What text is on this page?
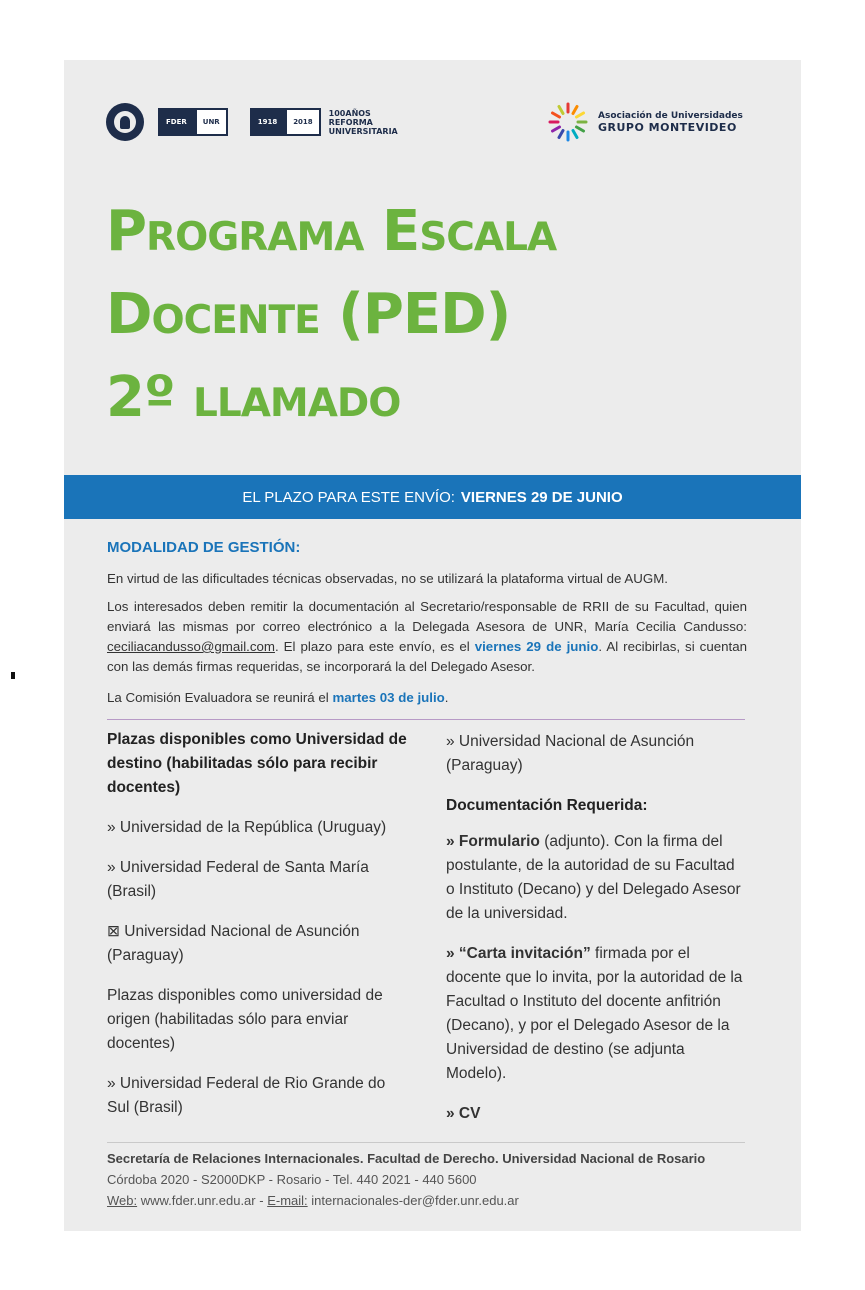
FDER	UNR	1918	2018
100AÑOS
REFORMA
UNIVERSITARIA
Asociación de Universidades
GRUPO MONTEVIDEO
Programa Escala
Docente (PED)
2º llamado
EL PLAZO PARA ESTE ENVÍO: VIERNES 29 DE JUNIO
MODALIDAD DE GESTIÓN:
En virtud de las dificultades técnicas observadas, no se utilizará la plataforma virtual de AUGM.
Los interesados deben remitir la documentación al Secretario/responsable de RRII de su Facultad, quien enviará las mismas por correo electrónico a la Delegada Asesora de UNR, María Cecilia Candusso: ceciliacandusso@gmail.com. El plazo para este envío, es el viernes 29 de junio. Al recibirlas, si cuentan con las demás firmas requeridas, se incorporará la del Delegado Asesor.
La Comisión Evaluadora se reunirá el martes 03 de julio.
Plazas disponibles como Universidad de destino (habilitadas sólo para recibir docentes)

» Universidad de la República (Uruguay)

» Universidad Federal de Santa María (Brasil)

⊠ Universidad Nacional de Asunción (Paraguay)

Plazas disponibles como universidad de origen (habilitadas sólo para enviar docentes)

» Universidad Federal de Rio Grande do Sul (Brasil)

» Universidad Nacional de Asunción (Paraguay)

Documentación Requerida:

» Formulario (adjunto). Con la firma del postulante, de la autoridad de su Facultad o Instituto (Decano) y del Delegado Asesor de la universidad.

» “Carta invitación” firmada por el docente que lo invita, por la autoridad de la Facultad o Instituto del docente anfitrión (Decano), y por el Delegado Asesor de la Universidad de destino (se adjunta Modelo).

» CV

Secretaría de Relaciones Internacionales. Facultad de Derecho. Universidad Nacional de Rosario
Córdoba 2020 - S2000DKP - Rosario - Tel. 440 2021 - 440 5600
Web: www.fder.unr.edu.ar - E-mail: internacionales-der@fder.unr.edu.ar
